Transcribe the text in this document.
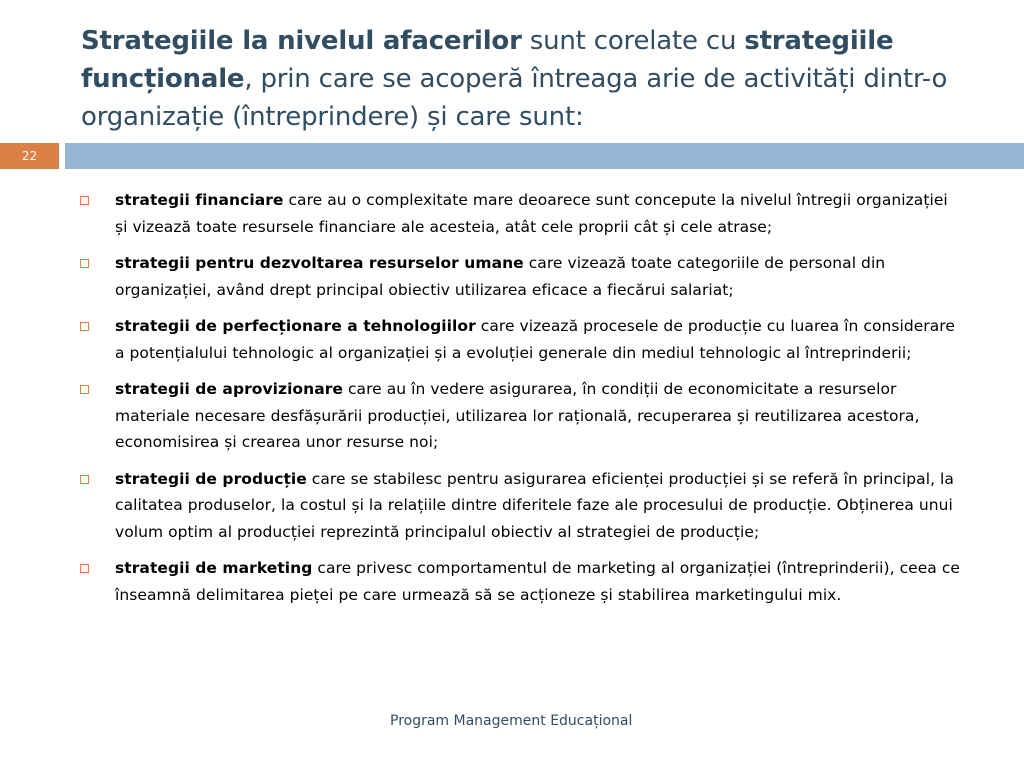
Strategiile la nivelul afacerilor sunt corelate cu strategiile funcționale, prin care se acoperă întreaga arie de activități dintr-o organizație (întreprindere) și care sunt:
22
strategii financiare care au o complexitate mare deoarece sunt concepute la nivelul întregii organizației și vizează toate resursele financiare ale acesteia, atât cele proprii cât și cele atrase;
strategii pentru dezvoltarea resurselor umane care vizează toate categoriile de personal din organizației, având drept principal obiectiv utilizarea eficace a fiecărui salariat;
strategii de perfecționare a tehnologiilor care vizează procesele de producție cu luarea în considerare a potențialului tehnologic al organizației și a evoluției generale din mediul tehnologic al întreprinderii;
strategii de aprovizionare care au în vedere asigurarea, în condiții de economicitate a resurselor materiale necesare desfășurării producției, utilizarea lor rațională, recuperarea și reutilizarea acestora, economisirea și crearea unor resurse noi;
strategii de producție care se stabilesc pentru asigurarea eficienței producției și se referă în principal, la calitatea produselor, la costul și la relațiile dintre diferitele faze ale procesului de producție. Obținerea unui volum optim al producției reprezintă principalul obiectiv al strategiei de producție;
strategii de marketing care privesc comportamentul de marketing al organizației (întreprinderii), ceea ce înseamnă delimitarea pieței pe care urmează să se acționeze și stabilirea marketingului mix.
Program Management Educațional
